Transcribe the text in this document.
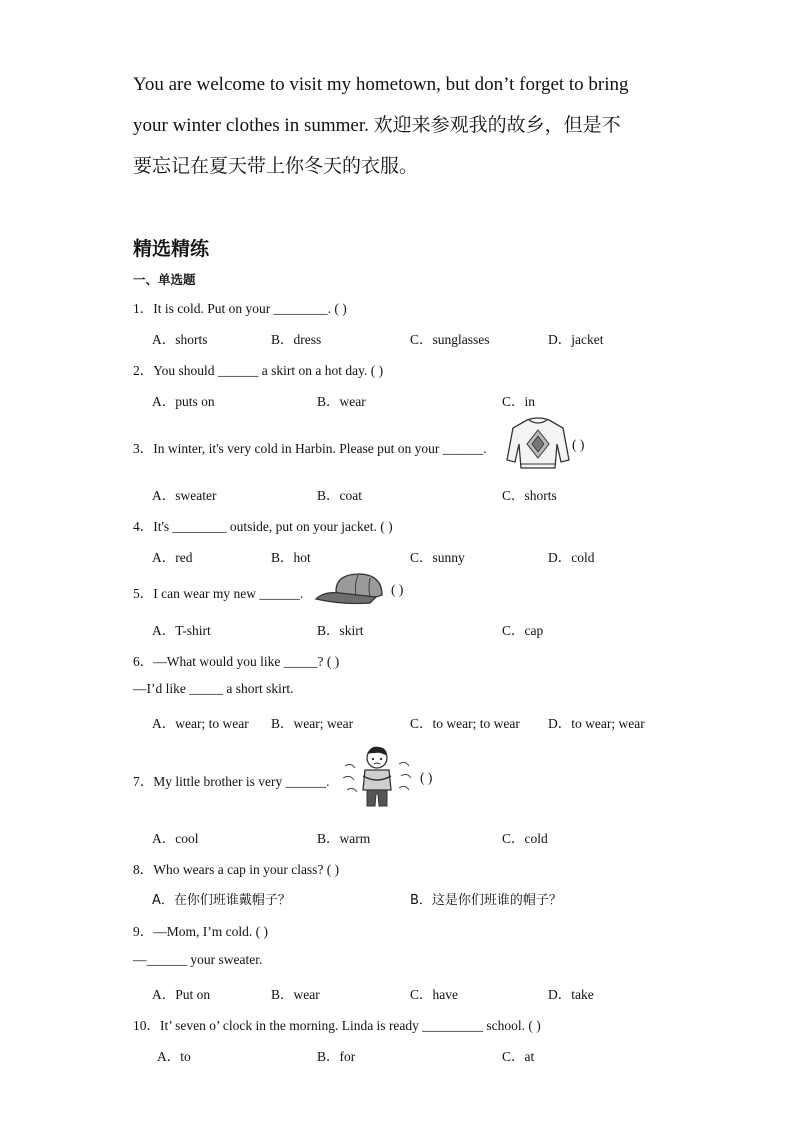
You are welcome to visit my hometown, but don’t forget to bring

your winter clothes in summer. 欢迎来参观我的故乡，但是不

要忘记在夏天带上你冬天的衣服。

精选精练
一、单选题
1．It is cold. Put on your ________. ( )
A．shorts	B．dress	C．sunglasses	D．jacket
2．You should ______ a skirt on a hot day. ( )
A．puts on	B．wear	C．in
3．In winter, it's very cold in Harbin. Please put on your ______.	( )
A．sweater	B．coat	C．shorts
4．It's ________ outside, put on your jacket. ( )
A．red	B．hot	C．sunny	D．cold
5．I can wear my new ______.	( )
A．T-shirt	B．skirt	C．cap
6．—What would you like _____? ( )
—I’d like _____ a short skirt.
A．wear; to wear B．wear; wear	C．to wear; to wear D．to wear; wear
7．My little brother is very ______.	( )
A．cool	B．warm	C．cold
8．Who wears a cap in your class? ( )
A．在你们班谁戴帽子？	B．这是你们班谁的帽子？
9．—Mom, I’m cold. ( )
—______ your sweater.
A．Put on	B．wear	C．have	D．take
10．It’ seven o’ clock in the morning. Linda is ready _________ school. ( )
A．to	B．for	C．at
